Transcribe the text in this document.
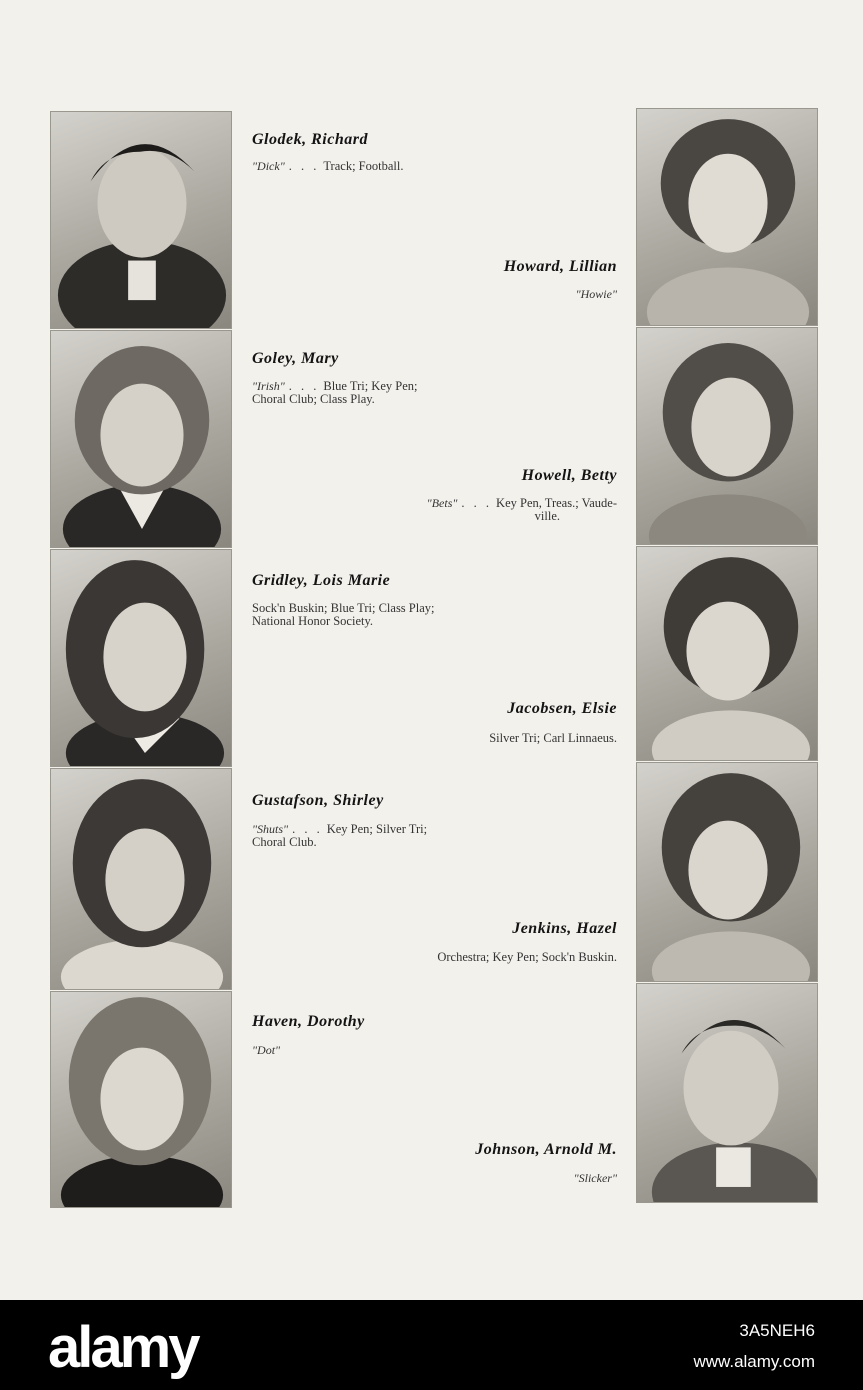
Glodek, Richard
"Dick" . . . Track; Football.
Goley, Mary
"Irish" . . . Blue Tri; Key Pen;
Choral Club; Class Play.
Gridley, Lois Marie
Sock'n Buskin; Blue Tri; Class Play;
National Honor Society.
Gustafson, Shirley
"Shuts" . . . Key Pen; Silver Tri;
Choral Club.
Haven, Dorothy
"Dot"
Howard, Lillian
"Howie"
Howell, Betty
"Bets" . . . Key Pen, Treas.; Vaude-
ville.
Jacobsen, Elsie
Silver Tri; Carl Linnaeus.
Jenkins, Hazel
Orchestra; Key Pen; Sock'n Buskin.
Johnson, Arnold M.
"Slicker"
alamy	3A5NEH6
www.alamy.com
